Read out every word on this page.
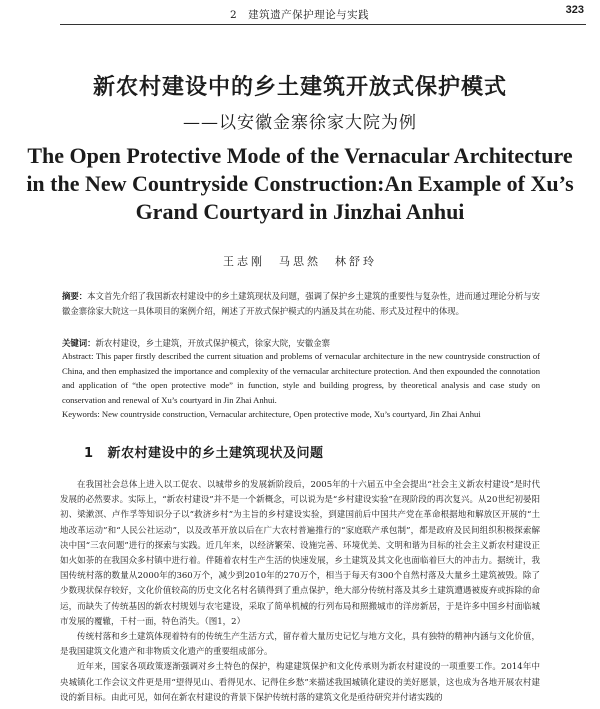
2　建筑遗产保护理论与实践	323
新农村建设中的乡土建筑开放式保护模式
——以安徽金寨徐家大院为例
The Open Protective Mode of the Vernacular Architecture in the New Countryside Construction:An Example of Xu’s Grand Courtyard in Jinzhai Anhui
王志刚　马思然　林舒玲
摘要：本文首先介绍了我国新农村建设中的乡土建筑现状及问题，强调了保护乡土建筑的重要性与复杂性，进而通过理论分析与安徽金寨徐家大院这一具体项目的案例介绍，阐述了开放式保护模式的内涵及其在功能、形式及过程中的体现。
关键词：新农村建设，乡土建筑，开放式保护模式，徐家大院，安徽金寨
Abstract: This paper firstly described the current situation and problems of vernacular architecture in the new countryside construction of China, and then emphasized the importance and complexity of the vernacular architecture protection. And then expounded the connotation and application of “the open protective mode” in function, style and building progress, by theoretical analysis and case study on conservation and renewal of Xu’s courtyard in Jin Zhai Anhui.
Keywords: New countryside construction, Vernacular architecture, Open protective mode, Xu’s courtyard, Jin Zhai Anhui
1 新农村建设中的乡土建筑现状及问题

在我国社会总体上进入以工促农、以城带乡的发展新阶段后，2005年的十六届五中全会提出“社会主义新农村建设”是时代发展的必然要求。实际上，“新农村建设”并不是一个新概念，可以说为是“乡村建设实验”在现阶段的再次复兴。从20世纪初晏阳初、梁漱溟、卢作孚等知识分子以“救济乡村”为主旨的乡村建设实验，到建国前后中国共产党在革命根据地和解放区开展的“土地改革运动”和“人民公社运动”，以及改革开放以后在广大农村普遍推行的“家庭联产承包制”，都是政府及民间组织积极探索解决中国“三农问题”进行的探索与实践。近几年来，以经济繁荣、设施完善、环境优美、文明和谐为目标的社会主义新农村建设正如火如荼的在我国众多村镇中进行着。伴随着农村生产生活的快速发展，乡土建筑及其文化也面临着巨大的冲击力。据统计，我国传统村落的数量从2000年的360万个，减少到2010年的270万个，相当于每天有300个自然村落及大量乡土建筑被毁。除了少数现状保存较好，文化价值较高的历史文化名村名镇得到了重点保护，绝大部分传统村落及其乡土建筑遭遇被废弃或拆除的命运，而缺失了传统基因的新农村规划与农宅建设，采取了简单机械的行列布局和照搬城市的洋房新居，于是许多中国乡村面临城市发展的覆辙，千村一面，特色消失。（图1，2）

传统村落和乡土建筑体现着特有的传统生产生活方式，留存着大量历史记忆与地方文化，具有独特的精神内涵与文化价值，是我国建筑文化遗产和非物质文化遗产的重要组成部分。

近年来，国家各项政策逐渐强调对乡土特色的保护，构建建筑保护和文化传承则为新农村建设的一项重要工作。2014年中央城镇化工作会议文件更是用“望得见山、看得见水、记得住乡愁”来描述我国城镇化建设的美好愿景，这也成为各地开展农村建设的新目标。由此可见，如何在新农村建设的背景下保护传统村落的建筑文化是亟待研究并付诸实践的
